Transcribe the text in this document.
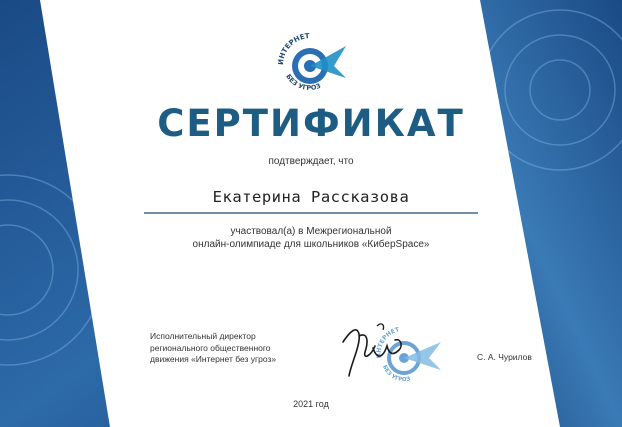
ИНТЕРНЕТ
БЕЗ УГРОЗ
СЕРТИФИКАТ
подтверждает, что
Екатерина Рассказова
участвовал(а) в Межрегиональной
онлайн-олимпиаде для школьников «КиберSpace»
Исполнительный директор
регионального общественного
движения «Интернет без угроз»	ИНТЕРНЕТ
БЕЗ УГРОЗ
С. А. Чурилов
2021 год
